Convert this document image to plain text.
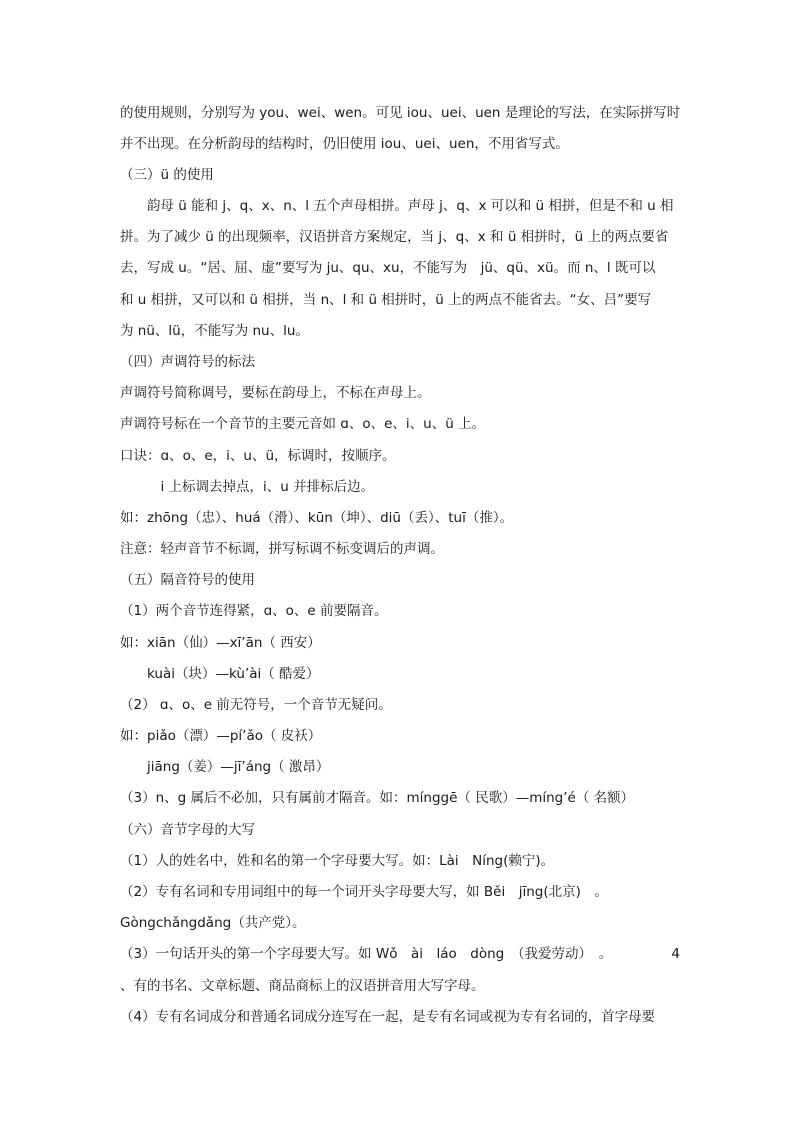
的使用规则，分别写为 you、wei、wen。可见 iou、uei、uen 是理论的写法，在实际拼写时
并不出现。在分析韵母的结构时，仍旧使用 iou、uei、uen，不用省写式。
（三）ü 的使用
　　韵母 ü 能和 j、q、x、n、l 五个声母相拼。声母 j、q、x 可以和 ü 相拼，但是不和 u 相
拼。为了减少 ü 的出现频率，汉语拼音方案规定，当 j、q、x 和 ü 相拼时，ü 上的两点要省
去，写成 u。“居、屈、虚”要写为 ju、qu、xu，不能写为　jü、qü、xü。而 n、l 既可以
和 u 相拼，又可以和 ü 相拼，当 n、l 和 ü 相拼时，ü 上的两点不能省去。“女、吕”要写
为 nü、lü，不能写为 nu、lu。
（四）声调符号的标法
声调符号简称调号，要标在韵母上，不标在声母上。
声调符号标在一个音节的主要元音如 ɑ、o、e、i、u、ü 上。
口诀：ɑ、o、e，i、u、ü，标调时，按顺序。
　　　i 上标调去掉点，i、u 并排标后边。
如：zhōng（忠）、huá（滑）、kūn（坤）、diū（丢）、tuī（推）。
注意：轻声音节不标调，拼写标调不标变调后的声调。
（五）隔音符号的使用
（1）两个音节连得紧，ɑ、o、e 前要隔音。
如：xiān（仙）—xī’ān（ 西安）
　　kuài（块）—kù’ài（ 酷爱）
（2） ɑ、o、e 前无符号，一个音节无疑问。
如：piǎo（漂）—pí’ǎo（ 皮袄）
　　jiāng（姜）—jī’áng（ 激昂）
（3）n、g 属后不必加，只有属前才隔音。如：mínggē（ 民歌）—míng’é（ 名额）
（六）音节字母的大写
（1）人的姓名中，姓和名的第一个字母要大写。如：Lài　Níng(赖宁)。
（2）专有名词和专用词组中的每一个词开头字母要大写，如 Běi　jīng(北京)　。
Gòngchǎngdǎng（共产党）。
（3）一句话开头的第一个字母要大写。如 Wǒ　ài　láo　dòng　（我爱劳动）　。	4
、有的书名、文章标题、商品商标上的汉语拼音用大写字母。
（4）专有名词成分和普通名词成分连写在一起，是专有名词或视为专有名词的，首字母要
